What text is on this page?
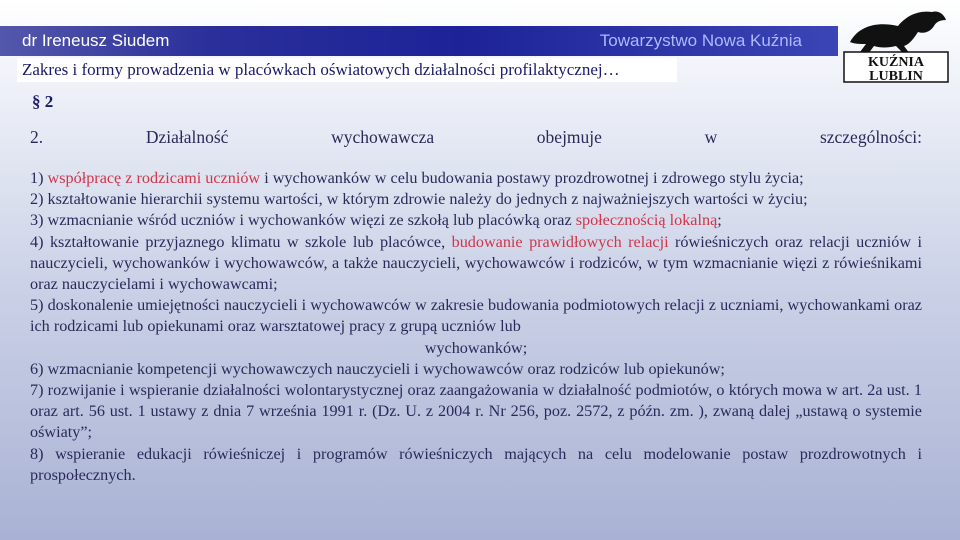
dr Ireneusz Siudem	Towarzystwo Nowa Kuźnia
Zakres i formy prowadzenia w placówkach oświatowych działalności profilaktycznej…	KUŹNIA
LUBLIN
§ 2

2. Działalność wychowawcza obejmuje w szczególności:

1) współpracę z rodzicami uczniów i wychowanków w celu budowania postawy prozdrowotnej i zdrowego stylu życia;

2) kształtowanie hierarchii systemu wartości, w którym zdrowie należy do jednych z najważniejszych wartości w życiu;

3) wzmacnianie wśród uczniów i wychowanków więzi ze szkołą lub placówką oraz społecznością lokalną;

4) kształtowanie przyjaznego klimatu w szkole lub placówce, budowanie prawidłowych relacji rówieśniczych oraz relacji uczniów i nauczycieli, wychowanków i wychowawców, a także nauczycieli, wychowawców i rodziców, w tym wzmacnianie więzi z rówieśnikami oraz nauczycielami i wychowawcami;

5) doskonalenie umiejętności nauczycieli i wychowawców w zakresie budowania podmiotowych relacji z uczniami, wychowankami oraz ich rodzicami lub opiekunami oraz warsztatowej pracy z grupą uczniów lub

wychowanków;

6) wzmacnianie kompetencji wychowawczych nauczycieli i wychowawców oraz rodziców lub opiekunów;

7) rozwijanie i wspieranie działalności wolontarystycznej oraz zaangażowania w działalność podmiotów, o których mowa w art. 2a ust. 1 oraz art. 56 ust. 1 ustawy z dnia 7 września 1991 r. (Dz. U. z 2004 r. Nr 256, poz. 2572, z późn. zm. ), zwaną dalej „ustawą o systemie oświaty”;

8) wspieranie edukacji rówieśniczej i programów rówieśniczych mających na celu modelowanie postaw prozdrowotnych i prospołecznych.
